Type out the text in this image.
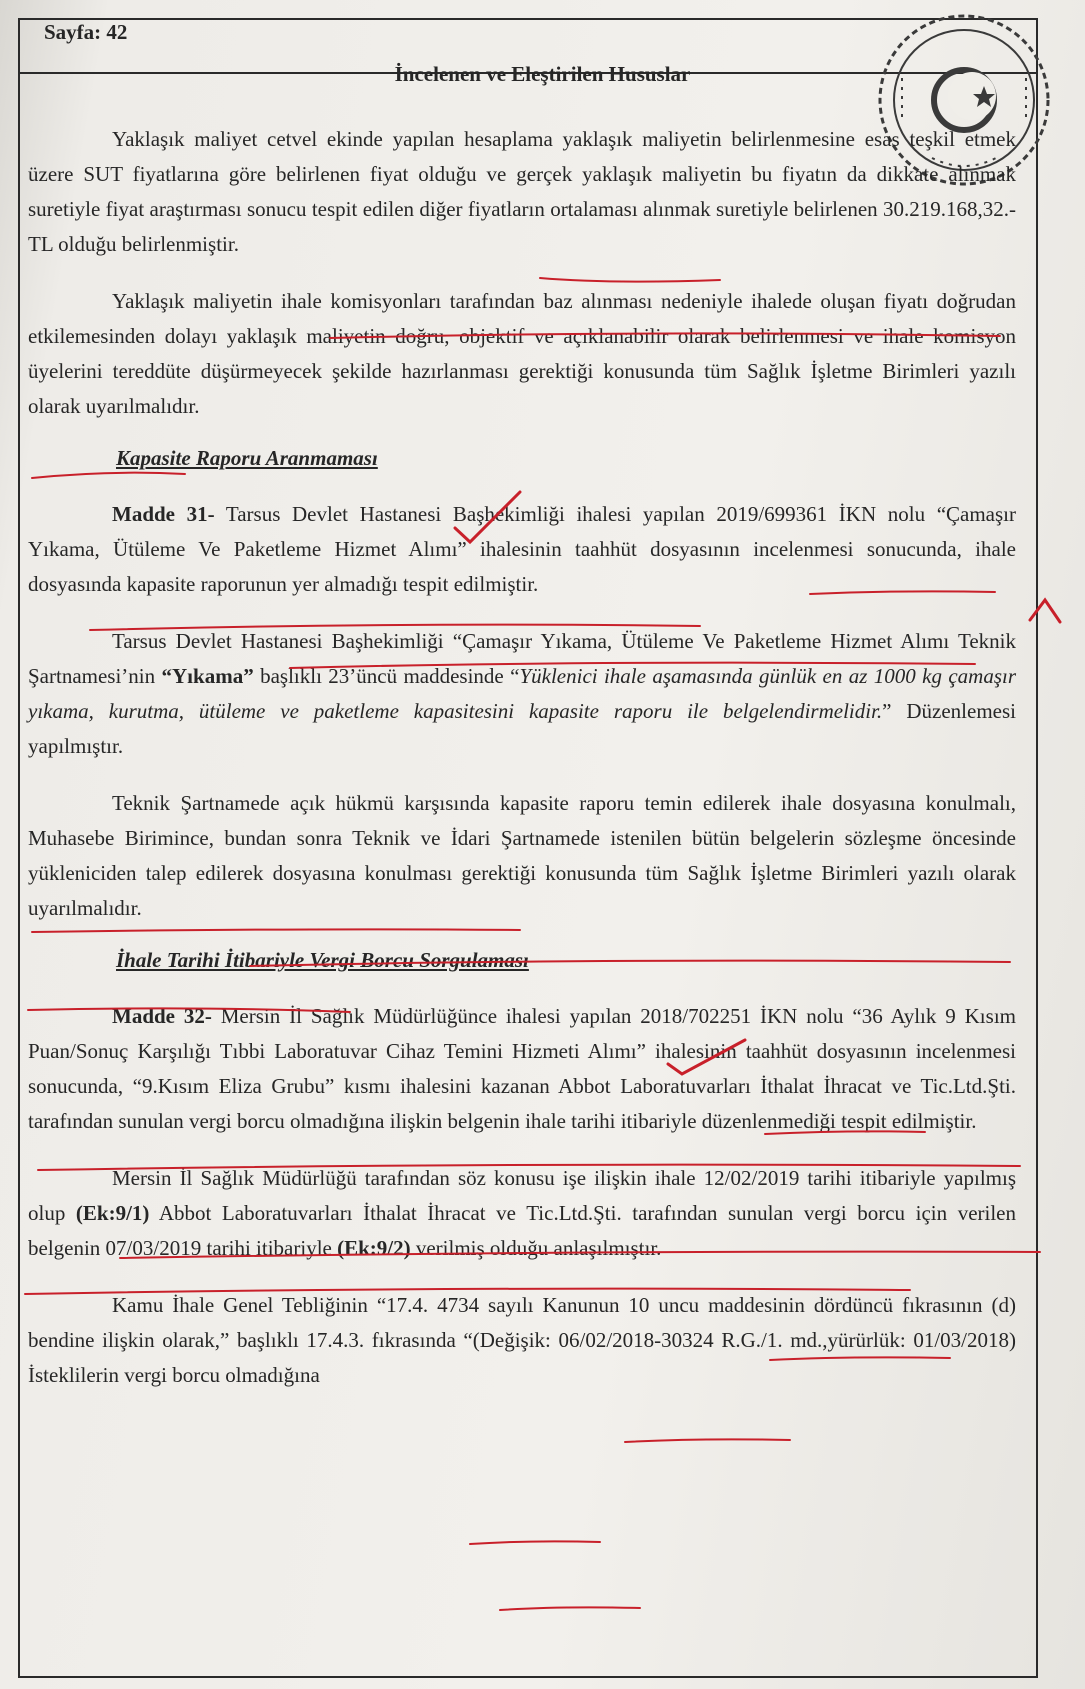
Sayfa: 42
İncelenen ve Eleştirilen Hususlar

Yaklaşık maliyet cetvel ekinde yapılan hesaplama yaklaşık maliyetin belirlenmesine esas teşkil etmek üzere SUT fiyatlarına göre belirlenen fiyat olduğu ve gerçek yaklaşık maliyetin bu fiyatın da dikkate alınmak suretiyle fiyat araştırması sonucu tespit edilen diğer fiyatların ortalaması alınmak suretiyle belirlenen 30.219.168,32.-TL olduğu belirlenmiştir.

Yaklaşık maliyetin ihale komisyonları tarafından baz alınması nedeniyle ihalede oluşan fiyatı doğrudan etkilemesinden dolayı yaklaşık maliyetin doğru, objektif ve açıklanabilir olarak belirlenmesi ve ihale komisyon üyelerini tereddüte düşürmeyecek şekilde hazırlanması gerektiği konusunda tüm Sağlık İşletme Birimleri yazılı olarak uyarılmalıdır.

Kapasite Raporu Aranmaması

Madde 31- Tarsus Devlet Hastanesi Başhekimliği ihalesi yapılan 2019/699361 İKN nolu “Çamaşır Yıkama, Ütüleme Ve Paketleme Hizmet Alımı” ihalesinin taahhüt dosyasının incelenmesi sonucunda, ihale dosyasında kapasite raporunun yer almadığı tespit edilmiştir.

Tarsus Devlet Hastanesi Başhekimliği “Çamaşır Yıkama, Ütüleme Ve Paketleme Hizmet Alımı Teknik Şartnamesi’nin “Yıkama” başlıklı 23’üncü maddesinde “Yüklenici ihale aşamasında günlük en az 1000 kg çamaşır yıkama, kurutma, ütüleme ve paketleme kapasitesini kapasite raporu ile belgelendirmelidir.” Düzenlemesi yapılmıştır.

Teknik Şartnamede açık hükmü karşısında kapasite raporu temin edilerek ihale dosyasına konulmalı, Muhasebe Birimince, bundan sonra Teknik ve İdari Şartnamede istenilen bütün belgelerin sözleşme öncesinde yükleniciden talep edilerek dosyasına konulması gerektiği konusunda tüm Sağlık İşletme Birimleri yazılı olarak uyarılmalıdır.

İhale Tarihi İtibariyle Vergi Borcu Sorgulaması

Madde 32- Mersin İl Sağlık Müdürlüğünce ihalesi yapılan 2018/702251 İKN nolu “36 Aylık 9 Kısım Puan/Sonuç Karşılığı Tıbbi Laboratuvar Cihaz Temini Hizmeti Alımı” ihalesinin taahhüt dosyasının incelenmesi sonucunda, “9.Kısım Eliza Grubu” kısmı ihalesini kazanan Abbot Laboratuvarları İthalat İhracat ve Tic.Ltd.Şti. tarafından sunulan vergi borcu olmadığına ilişkin belgenin ihale tarihi itibariyle düzenlenmediği tespit edilmiştir.

Mersin İl Sağlık Müdürlüğü tarafından söz konusu işe ilişkin ihale 12/02/2019 tarihi itibariyle yapılmış olup (Ek:9/1) Abbot Laboratuvarları İthalat İhracat ve Tic.Ltd.Şti. tarafından sunulan vergi borcu için verilen belgenin 07/03/2019 tarihi itibariyle (Ek:9/2) verilmiş olduğu anlaşılmıştır.

Kamu İhale Genel Tebliğinin “17.4. 4734 sayılı Kanunun 10 uncu maddesinin dördüncü fıkrasının (d) bendine ilişkin olarak,” başlıklı 17.4.3. fıkrasında “(Değişik: 06/02/2018-30324 R.G./1. md.,yürürlük: 01/03/2018) İsteklilerin vergi borcu olmadığına
